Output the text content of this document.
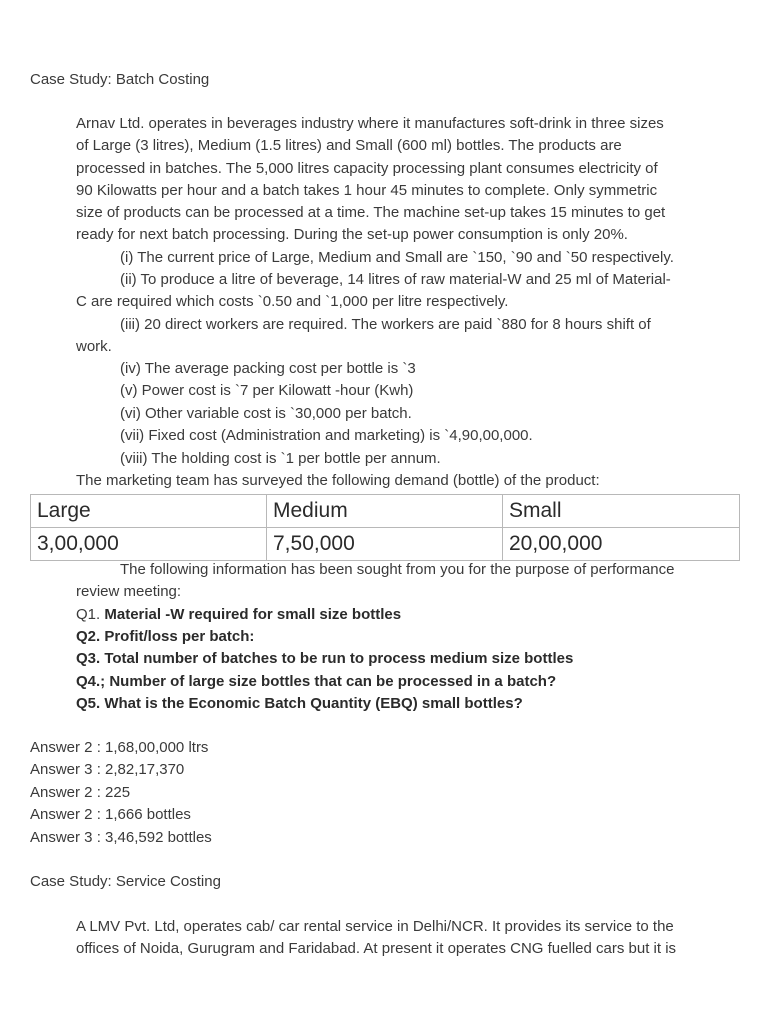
Case Study: Batch Costing
Arnav Ltd. operates in beverages industry where it manufactures soft-drink in three sizes
of Large (3 litres), Medium (1.5 litres) and Small (600 ml) bottles. The products are
processed in batches. The 5,000 litres capacity processing plant consumes electricity of
90 Kilowatts per hour and a batch takes 1 hour 45 minutes to complete. Only symmetric
size of products can be processed at a time. The machine set-up takes 15 minutes to get
ready for next batch processing. During the set-up power consumption is only 20%.
(i) The current price of Large, Medium and Small are `150, `90 and `50 respectively.
(ii) To produce a litre of beverage, 14 litres of raw material-W and 25 ml of Material-
C are required which costs `0.50 and `1,000 per litre respectively.
(iii) 20 direct workers are required. The workers are paid `880 for 8 hours shift of
work.
(iv) The average packing cost per bottle is `3
(v) Power cost is `7 per Kilowatt -hour (Kwh)
(vi) Other variable cost is `30,000 per batch.
(vii) Fixed cost (Administration and marketing) is `4,90,00,000.
(viii) The holding cost is `1 per bottle per annum.
The marketing team has surveyed the following demand (bottle) of the product:
Large	Medium	Small
3,00,000	7,50,000	20,00,000
The following information has been sought from you for the purpose of performance
review meeting:
Q1. Material -W required for small size bottles
Q2. Profit/loss per batch:
Q3. Total number of batches to be run to process medium size bottles
Q4.; Number of large size bottles that can be processed in a batch?
Q5. What is the Economic Batch Quantity (EBQ) small bottles?
Answer 2 : 1,68,00,000 ltrs
Answer 3 : 2,82,17,370
Answer 2 : 225
Answer 2 : 1,666 bottles
Answer 3 : 3,46,592 bottles
Case Study: Service Costing
A LMV Pvt. Ltd, operates cab/ car rental service in Delhi/NCR. It provides its service to the
offices of Noida, Gurugram and Faridabad. At present it operates CNG fuelled cars but it is
